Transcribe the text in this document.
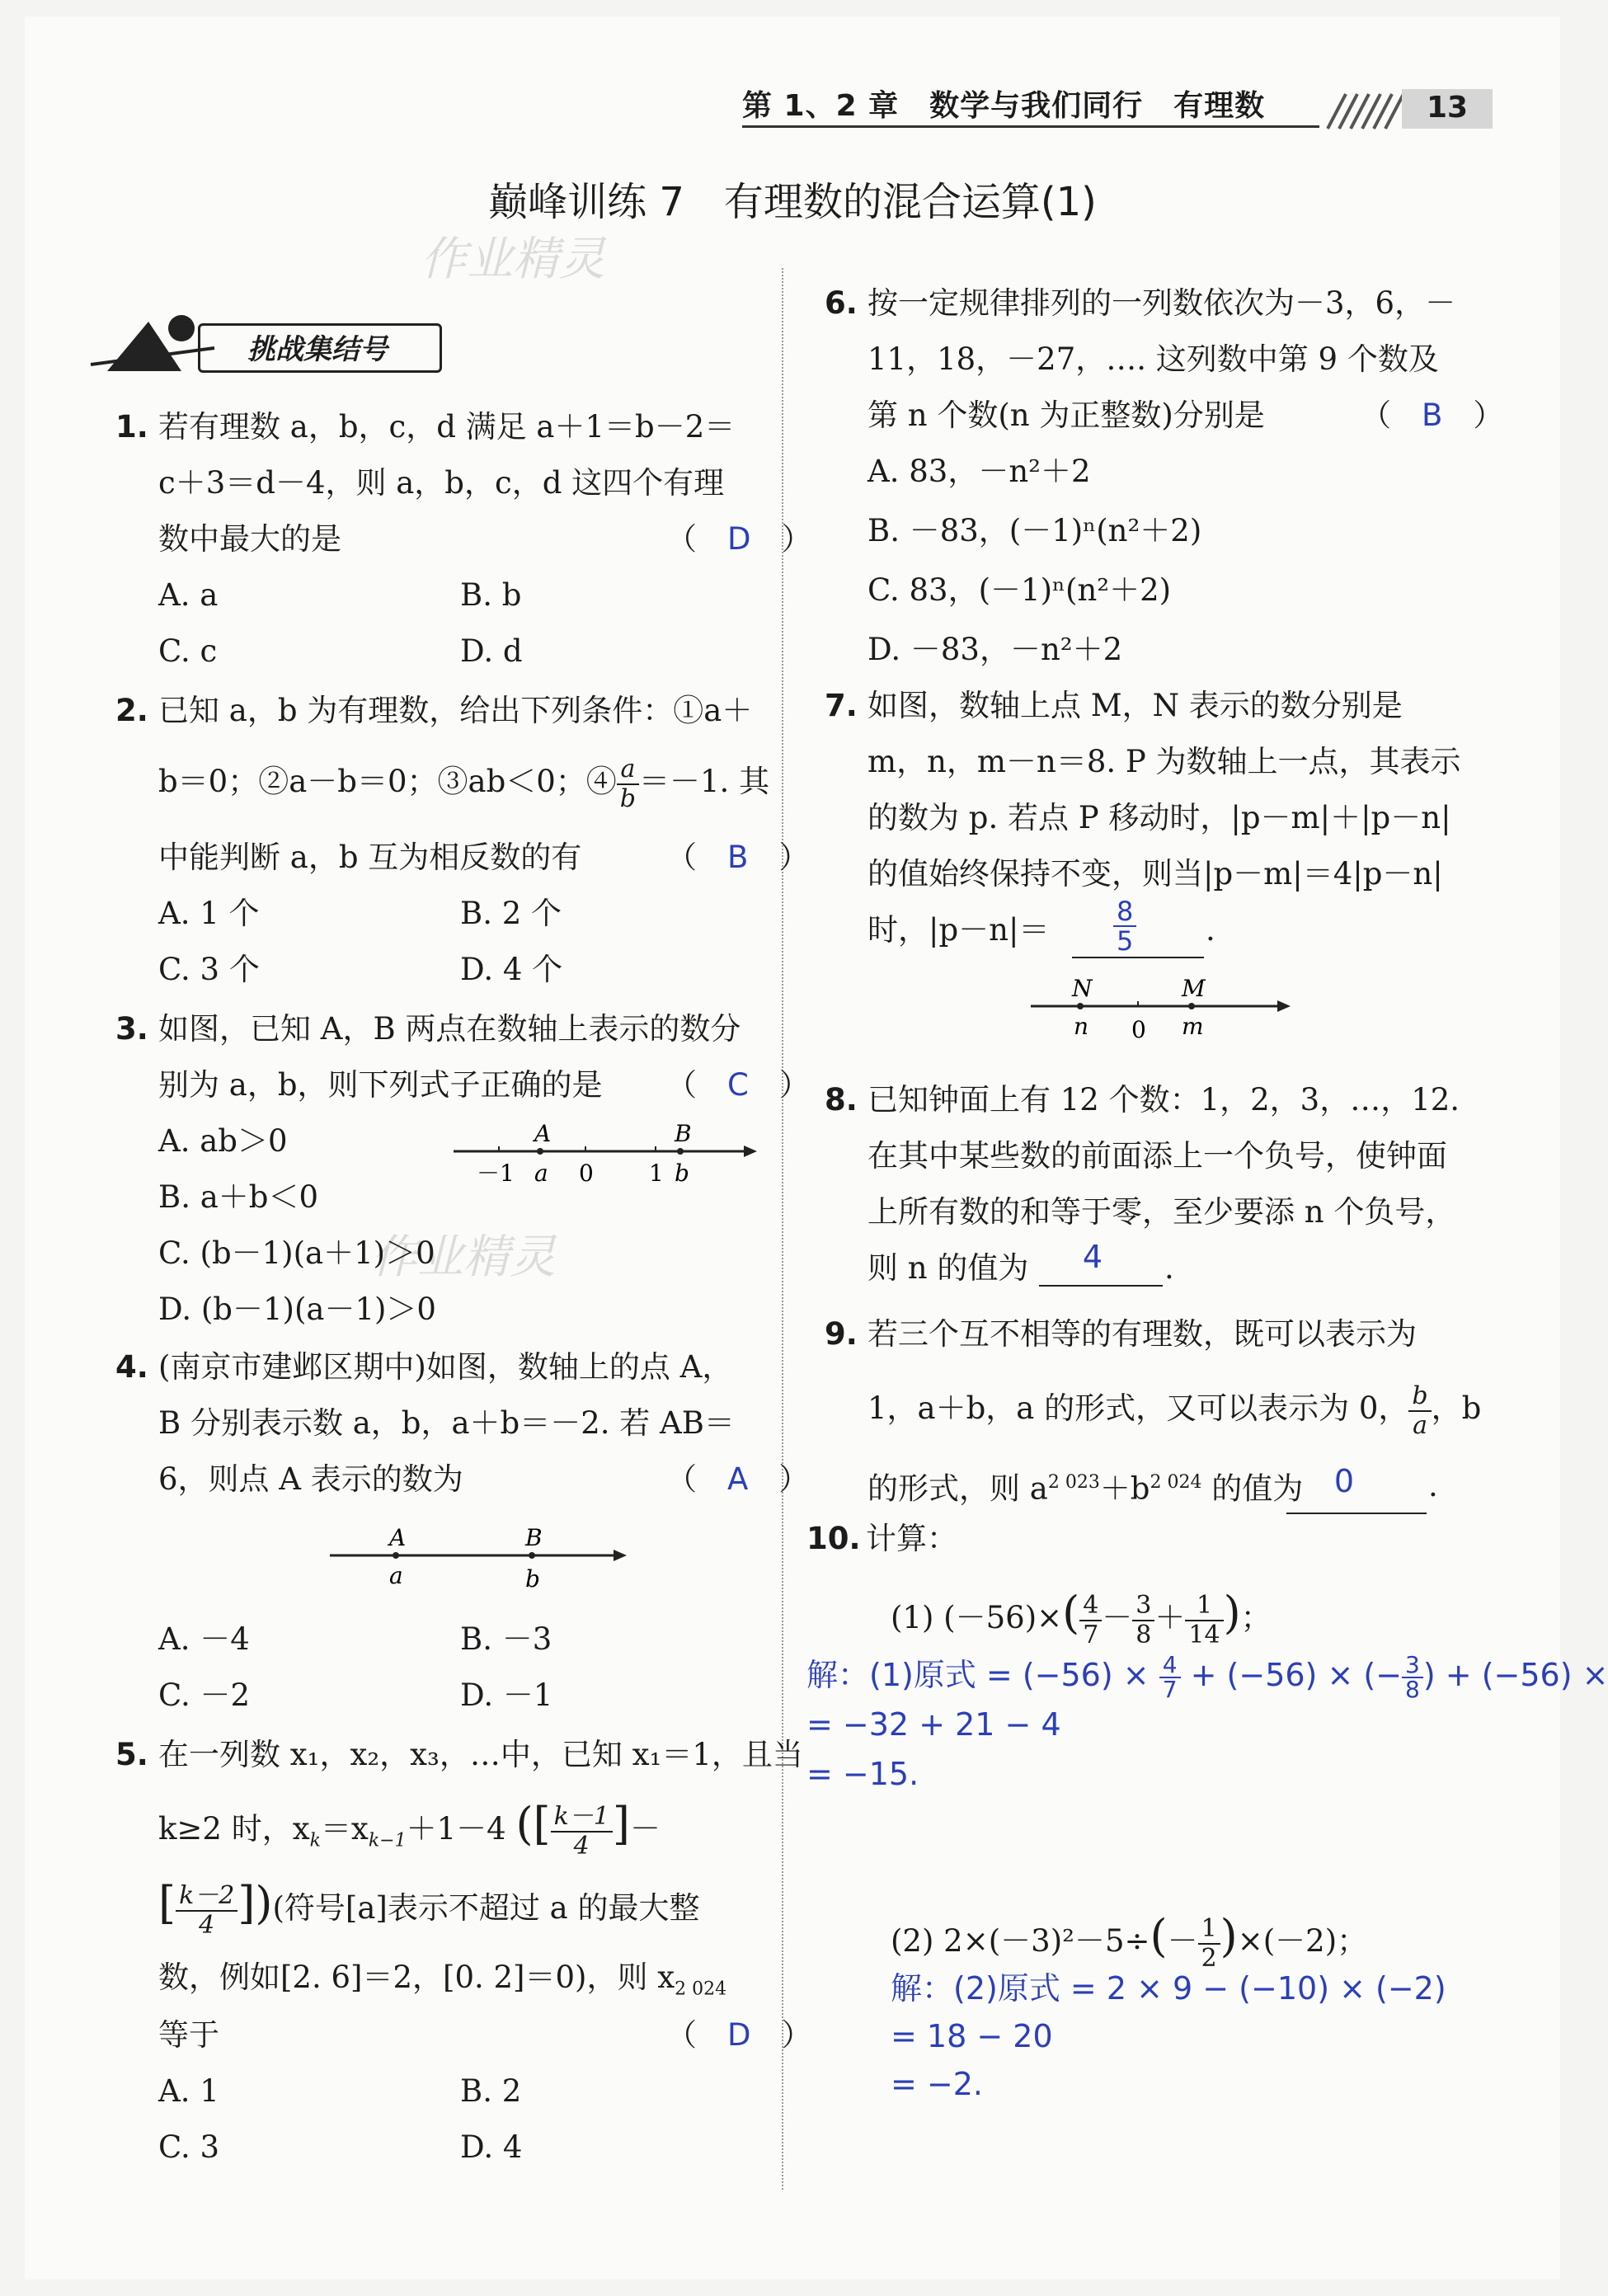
第 1、2 章　数学与我们同行　有理数	13
巅峰训练 7　有理数的混合运算(1)
作业精灵
作业精灵
挑战集结号
1. 若有理数 a，b，c，d 满足 a＋1＝b－2＝c＋3＝d－4，则 a，b，c，d 这四个有理数中最大的是	（　D　）
A. a	B. b
C. c	D. d
2. 已知 a，b 为有理数，给出下列条件：①a＋
b＝0；②a－b＝0；③ab＜0；④ $\frac{a}{b} =-1$. 其
中能判断 a，b 互为相反数的有	（　B　）
A. 1 个	B. 2 个
C. 3 个	D. 4 个
3. 如图，已知 A，B 两点在数轴上表示的数分别为 a，b，则下列式子正确的是	（　C　）
A. ab＞0
B. a＋b＜0
C. (b－1)(a＋1)＞0
D. (b－1)(a－1)＞0
A	B
－1 a 0 1 b
4. (南京市建邺区期中)如图，数轴上的点 A，B 分别表示数 a，b，a＋b＝－2. 若 AB＝6，则点 A 表示的数为	（　A　）
A	B
a	b
A. －4	B. －3
C. －2	D. －1
5. 在一列数 x₁，x₂，x₃，…中，已知 x₁＝1，且当
k≥2 时，$x_k=x_{k-1}+1-4$ ([ $\frac{k-1}{4}$ ]－
[ $\frac{k-2}{4}$ ])(符号[a]表示不超过 a 的最大整
数，例如[2. 6]＝2，[0. 2]＝0)，则 $x_{2 024}$
等于	（　D　）
A. 1	B. 2
C. 3	D. 4
6. 按一定规律排列的一列数依次为－3，6，－11，18，－27，…. 这列数中第 9 个数及第 n 个数(n 为正整数)分别是	（　B　）
A. 83，－n²＋2
B. －83，(－1)ⁿ(n²＋2)
C. 83，(－1)ⁿ(n²＋2)
D. －83，－n²＋2
7. 如图，数轴上点 M，N 表示的数分别是 m，n，m－n＝8. P 为数轴上一点，其表示的数为 p. 若点 P 移动时，|p－m|＋|p－n|的值始终保持不变，则当|p－m|＝4|p－n|时，|p－n|＝	$\frac{8}{5}$ .
N	M
n 0 m
8. 已知钟面上有 12 个数：1，2，3，…，12. 在其中某些数的前面添上一个负号，使钟面上所有数的和等于零，至少要添 n 个负号，则 n 的值为	4	.
9. 若三个互不相等的有理数，既可以表示为
1，a＋b，a 的形式，又可以表示为 0， $\frac{b}{a}$ ，b
的形式，则 $a^{2 023}+b^{2 024}$ 的值为 0	.
10. 计算：
(1) $(-56)\times( \frac{4}{7} - \frac{3}{8} + \frac{1}{14}$ )；
解：(1)原式 = $(-56) \times \frac{4}{7} + (-56)$ × (− $\frac{3}{8}$ ) + (−56) ×
= −32 + 21 − 4
= −15.
(2) $2\times(-3)^2-5\div(- \frac{1}{2} )\times(-2)$；
解：(2)原式 = 2 × 9 − (−10) × (−2)
= 18 − 20
= −2.
